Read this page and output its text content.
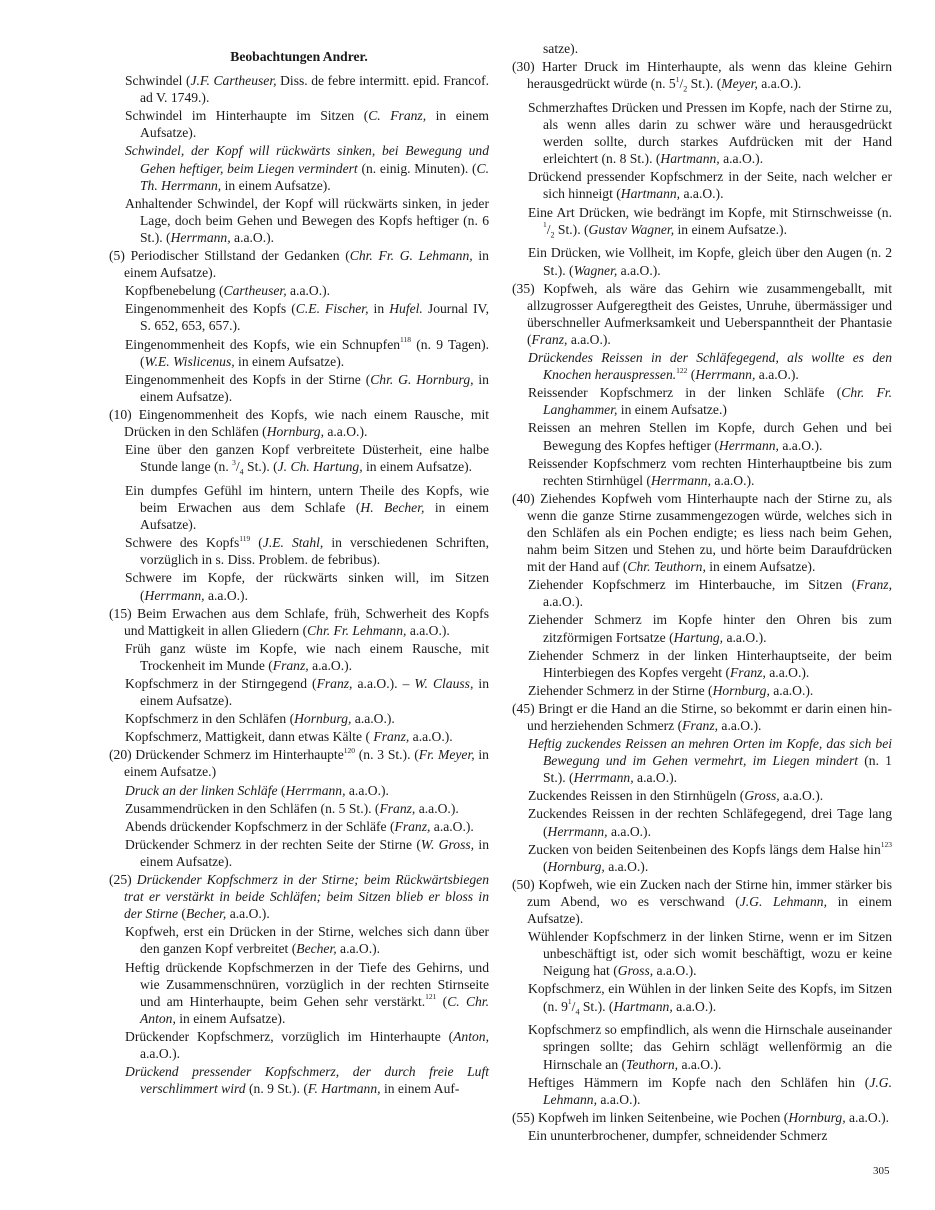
Beobachtungen Andrer.
Schwindel (J.F. Cartheuser, Diss. de febre intermitt. epid. Francof. ad V. 1749.).
Schwindel im Hinterhaupte im Sitzen (C. Franz, in einem Aufsatze).
Schwindel, der Kopf will rückwärts sinken, bei Bewegung und Gehen heftiger, beim Liegen vermindert (n. einig. Minuten). (C. Th. Herrmann, in einem Aufsatze).
Anhaltender Schwindel, der Kopf will rückwärts sinken, in jeder Lage, doch beim Gehen und Bewegen des Kopfs heftiger (n. 6 St.). (Herrmann, a.a.O.).
(5) Periodischer Stillstand der Gedanken (Chr. Fr. G. Lehmann, in einem Aufsatze).
Kopfbenebelung (Cartheuser, a.a.O.).
Eingenommenheit des Kopfs (C.E. Fischer, in Hufel. Journal IV, S. 652, 653, 657.).
Eingenommenheit des Kopfs, wie ein Schnupfen$^{118}$ (n. 9 Tagen). (W.E. Wislicenus, in einem Aufsatze).
Eingenommenheit des Kopfs in der Stirne (Chr. G. Hornburg, in einem Aufsatze).
(10) Eingenommenheit des Kopfs, wie nach einem Rausche, mit Drücken in den Schläfen (Hornburg, a.a.O.).
Eine über den ganzen Kopf verbreitete Düsterheit, eine halbe Stunde lange (n. $^3/_4$ St.). (J. Ch. Hartung, in einem Aufsatze).
Ein dumpfes Gefühl im hintern, untern Theile des Kopfs, wie beim Erwachen aus dem Schlafe (H. Becher, in einem Aufsatze).
Schwere des Kopfs$^{119}$ (J.E. Stahl, in verschiedenen Schriften, vorzüglich in s. Diss. Problem. de febribus).
Schwere im Kopfe, der rückwärts sinken will, im Sitzen (Herrmann, a.a.O.).
(15) Beim Erwachen aus dem Schlafe, früh, Schwerheit des Kopfs und Mattigkeit in allen Gliedern (Chr. Fr. Lehmann, a.a.O.).
Früh ganz wüste im Kopfe, wie nach einem Rausche, mit Trockenheit im Munde (Franz, a.a.O.).
Kopfschmerz in der Stirngegend (Franz, a.a.O.). – W. Clauss, in einem Aufsatze).
Kopfschmerz in den Schläfen (Hornburg, a.a.O.).
Kopfschmerz, Mattigkeit, dann etwas Kälte ( Franz, a.a.O.).
(20) Drückender Schmerz im Hinterhaupte$^{120}$ (n. 3 St.). (Fr. Meyer, in einem Aufsatze.)
Druck an der linken Schläfe (Herrmann, a.a.O.).
Zusammendrücken in den Schläfen (n. 5 St.). (Franz, a.a.O.).
Abends drückender Kopfschmerz in der Schläfe (Franz, a.a.O.).
Drückender Schmerz in der rechten Seite der Stirne (W. Gross, in einem Aufsatze).
(25) Drückender Kopfschmerz in der Stirne; beim Rückwärtsbiegen trat er verstärkt in beide Schläfen; beim Sitzen blieb er bloss in der Stirne (Becher, a.a.O.).
Kopfweh, erst ein Drücken in der Stirne, welches sich dann über den ganzen Kopf verbreitet (Becher, a.a.O.).
Heftig drückende Kopfschmerzen in der Tiefe des Gehirns, und wie Zusammenschnüren, vorzüglich in der rechten Stirnseite und am Hinterhaupte, beim Gehen sehr verstärkt.$^{121}$ (C. Chr. Anton, in einem Aufsatze).
Drückender Kopfschmerz, vorzüglich im Hinterhaupte (Anton, a.a.O.).
Drückend pressender Kopfschmerz, der durch freie Luft verschlimmert wird (n. 9 St.). (F. Hartmann, in einem Auf-
satze).
(30) Harter Druck im Hinterhaupte, als wenn das kleine Gehirn herausgedrückt würde (n. $5^1/_2$ St.). (Meyer, a.a.O.).
Schmerzhaftes Drücken und Pressen im Kopfe, nach der Stirne zu, als wenn alles darin zu schwer wäre und herausgedrückt werden sollte, durch starkes Aufdrücken mit der Hand erleichtert (n. 8 St.). (Hartmann, a.a.O.).
Drückend pressender Kopfschmerz in der Seite, nach welcher er sich hinneigt (Hartmann, a.a.O.).
Eine Art Drücken, wie bedrängt im Kopfe, mit Stirnschweisse (n. $^1/_2$ St.). (Gustav Wagner, in einem Aufsatze.).
Ein Drücken, wie Vollheit, im Kopfe, gleich über den Augen (n. 2 St.). (Wagner, a.a.O.).
(35) Kopfweh, als wäre das Gehirn wie zusammengeballt, mit allzugrosser Aufgeregtheit des Geistes, Unruhe, übermässiger und überschneller Aufmerksamkeit und Ueberspanntheit der Phantasie (Franz, a.a.O.).
Drückendes Reissen in der Schläfegegend, als wollte es den Knochen herauspressen.$^{122}$ (Herrmann, a.a.O.).
Reissender Kopfschmerz in der linken Schläfe (Chr. Fr. Langhammer, in einem Aufsatze.)
Reissen an mehren Stellen im Kopfe, durch Gehen und bei Bewegung des Kopfes heftiger (Herrmann, a.a.O.).
Reissender Kopfschmerz vom rechten Hinterhauptbeine bis zum rechten Stirnhügel (Herrmann, a.a.O.).
(40) Ziehendes Kopfweh vom Hinterhaupte nach der Stirne zu, als wenn die ganze Stirne zusammengezogen würde, welches sich in den Schläfen als ein Pochen endigte; es liess nach beim Gehen, nahm beim Sitzen und Stehen zu, und hörte beim Daraufdrücken mit der Hand auf (Chr. Teuthorn, in einem Aufsatze).
Ziehender Kopfschmerz im Hinterbauche, im Sitzen (Franz, a.a.O.).
Ziehender Schmerz im Kopfe hinter den Ohren bis zum zitzförmigen Fortsatze (Hartung, a.a.O.).
Ziehender Schmerz in der linken Hinterhauptseite, der beim Hinterbiegen des Kopfes vergeht (Franz, a.a.O.).
Ziehender Schmerz in der Stirne (Hornburg, a.a.O.).
(45) Bringt er die Hand an die Stirne, so bekommt er darin einen hin- und herziehenden Schmerz (Franz, a.a.O.).
Heftig zuckendes Reissen an mehren Orten im Kopfe, das sich bei Bewegung und im Gehen vermehrt, im Liegen mindert (n. 1 St.). (Herrmann, a.a.O.).
Zuckendes Reissen in den Stirnhügeln (Gross, a.a.O.).
Zuckendes Reissen in der rechten Schläfegegend, drei Tage lang (Herrmann, a.a.O.).
Zucken von beiden Seitenbeinen des Kopfs längs dem Halse hin$^{123}$ (Hornburg, a.a.O.).
(50) Kopfweh, wie ein Zucken nach der Stirne hin, immer stärker bis zum Abend, wo es verschwand (J.G. Lehmann, in einem Aufsatze).
Wühlender Kopfschmerz in der linken Stirne, wenn er im Sitzen unbeschäftigt ist, oder sich womit beschäftigt, wozu er keine Neigung hat (Gross, a.a.O.).
Kopfschmerz, ein Wühlen in der linken Seite des Kopfs, im Sitzen (n. $9^1/_4$ St.). (Hartmann, a.a.O.).
Kopfschmerz so empfindlich, als wenn die Hirnschale auseinander springen sollte; das Gehirn schlägt wellenförmig an die Hirnschale an (Teuthorn, a.a.O.).
Heftiges Hämmern im Kopfe nach den Schläfen hin (J.G. Lehmann, a.a.O.).
(55) Kopfweh im linken Seitenbeine, wie Pochen (Hornburg, a.a.O.).
Ein ununterbrochener, dumpfer, schneidender Schmerz
305
